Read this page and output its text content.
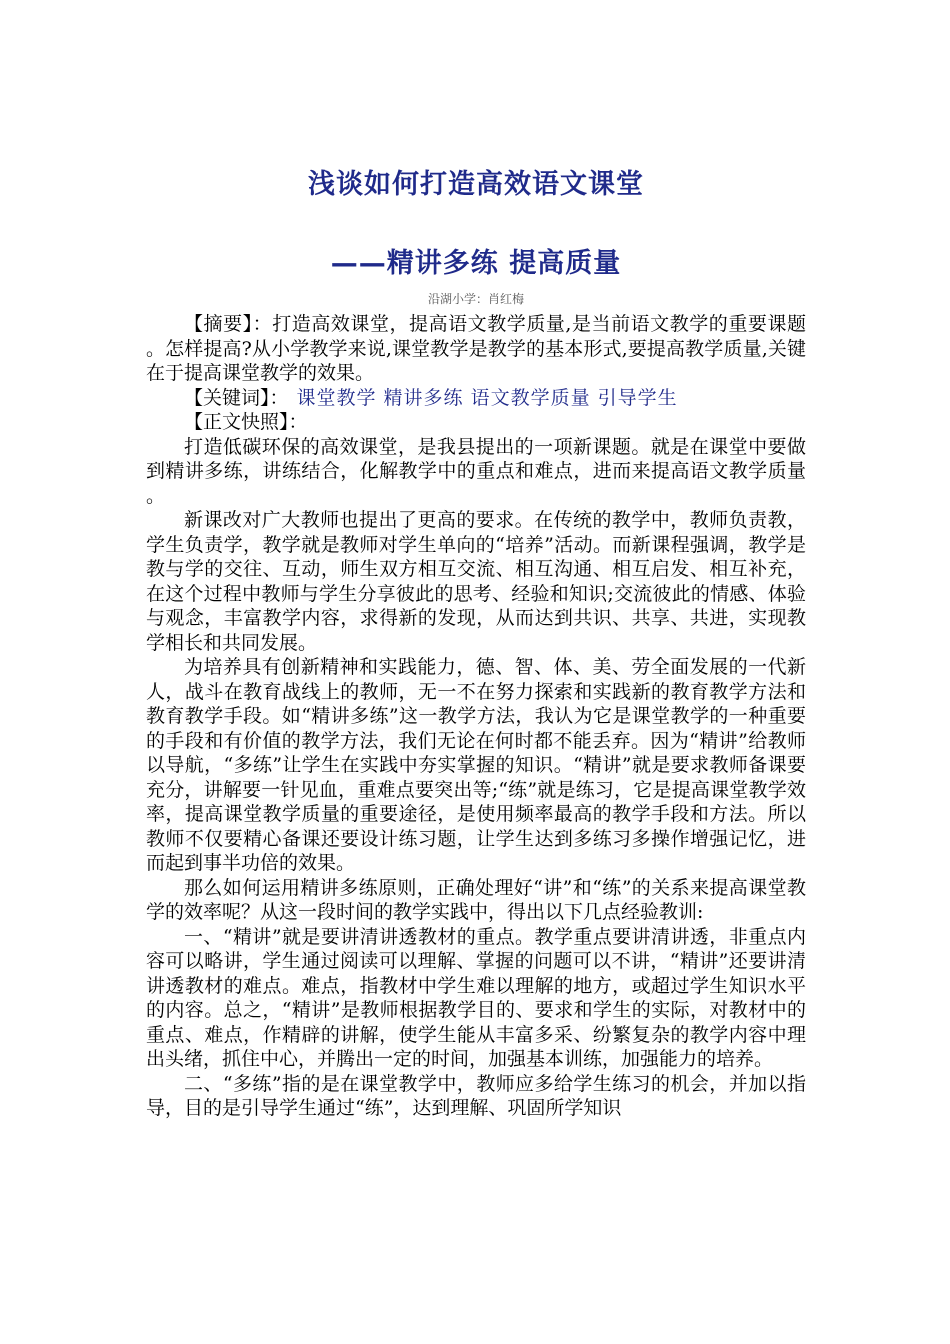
浅谈如何打造高效语文课堂
——精讲多练 提高质量
沿湖小学：肖红梅

【摘要】：打造高效课堂，提高语文教学质量,是当前语文教学的重要课题。怎样提高?从小学教学来说,课堂教学是教学的基本形式,要提高教学质量,关键在于提高课堂教学的效果。

【关键词】： 课堂教学 精讲多练 语文教学质量 引导学生

【正文快照】：

打造低碳环保的高效课堂，是我县提出的一项新课题。就是在课堂中要做到精讲多练，讲练结合，化解教学中的重点和难点，进而来提高语文教学质量。

新课改对广大教师也提出了更高的要求。在传统的教学中，教师负责教，学生负责学，教学就是教师对学生单向的“培养”活动。而新课程强调，教学是教与学的交往、互动，师生双方相互交流、相互沟通、相互启发、相互补充，在这个过程中教师与学生分享彼此的思考、经验和知识;交流彼此的情感、体验与观念，丰富教学内容，求得新的发现，从而达到共识、共享、共进，实现教学相长和共同发展。

为培养具有创新精神和实践能力，德、智、体、美、劳全面发展的一代新人，战斗在教育战线上的教师，无一不在努力探索和实践新的教育教学方法和教育教学手段。如“精讲多练”这一教学方法，我认为它是课堂教学的一种重要的手段和有价值的教学方法，我们无论在何时都不能丢弃。因为“精讲”给教师以导航，“多练”让学生在实践中夯实掌握的知识。“精讲”就是要求教师备课要充分，讲解要一针见血，重难点要突出等;“练”就是练习，它是提高课堂教学效率，提高课堂教学质量的重要途径，是使用频率最高的教学手段和方法。所以教师不仅要精心备课还要设计练习题，让学生达到多练习多操作增强记忆，进而起到事半功倍的效果。

那么如何运用精讲多练原则，正确处理好“讲”和“练”的关系来提高课堂教学的效率呢？从这一段时间的教学实践中，得出以下几点经验教训:

一、“精讲”就是要讲清讲透教材的重点。教学重点要讲清讲透，非重点内容可以略讲，学生通过阅读可以理解、掌握的问题可以不讲，“精讲”还要讲清讲透教材的难点。难点，指教材中学生难以理解的地方，或超过学生知识水平的内容。总之，“精讲”是教师根据教学目的、要求和学生的实际，对教材中的重点、难点，作精辟的讲解，使学生能从丰富多采、纷繁复杂的教学内容中理出头绪，抓住中心，并腾出一定的时间，加强基本训练，加强能力的培养。

二、“多练”指的是在课堂教学中，教师应多给学生练习的机会，并加以指导，目的是引导学生通过“练”，达到理解、巩固所学知识
